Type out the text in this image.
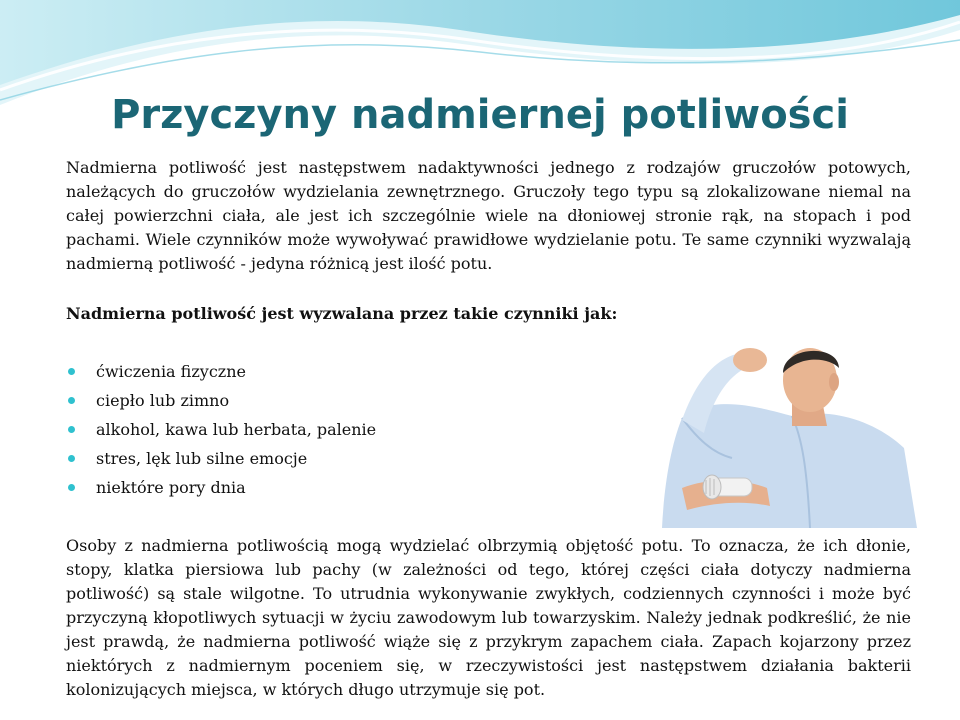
Przyczyny nadmiernej potliwości

Nadmierna potliwość jest następstwem nadaktywności jednego z rodzajów gruczołów potowych, należących do gruczołów wydzielania zewnętrznego. Gruczoły tego typu są zlokalizowane niemal na całej powierzchni ciała, ale jest ich szczególnie wiele na dłoniowej stronie rąk, na stopach i pod pachami. Wiele czynników może wywoływać prawidłowe wydzielanie potu. Te same czynniki wyzwalają nadmierną potliwość - jedyna różnicą jest ilość potu.

Nadmierna potliwość jest wyzwalana przez takie czynniki jak:

ćwiczenia fizyczne
ciepło lub zimno
alkohol, kawa lub herbata, palenie
stres, lęk lub silne emocje
niektóre pory dnia

Osoby z nadmierna potliwością mogą wydzielać olbrzymią objętość potu. To oznacza, że ich dłonie, stopy, klatka piersiowa lub pachy (w zależności od tego, której części ciała dotyczy nadmierna potliwość) są stale wilgotne. To utrudnia wykonywanie zwykłych, codziennych czynności i może być przyczyną kłopotliwych sytuacji w życiu zawodowym lub towarzyskim. Należy jednak podkreślić, że nie jest prawdą, że nadmierna potliwość wiąże się z przykrym zapachem ciała. Zapach kojarzony przez niektórych z nadmiernym poceniem się, w rzeczywistości jest następstwem działania bakterii kolonizujących miejsca, w których długo utrzymuje się pot.
